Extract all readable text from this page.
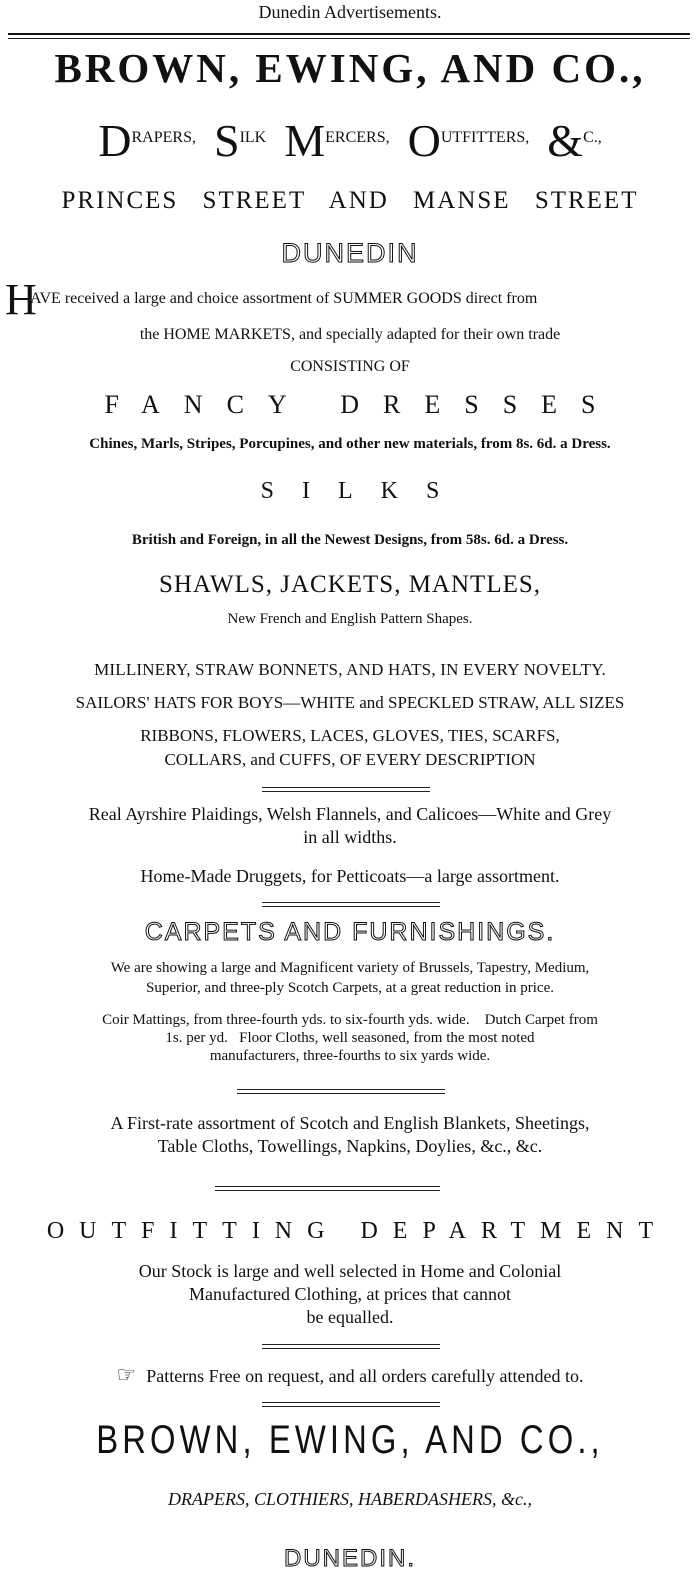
Dunedin Advertisements.
BROWN, EWING, AND CO.,
DRAPERS, SILK MERCERS, OUTFITTERS, &C.,
PRINCES STREET AND MANSE STREET
DUNEDIN
H
AVE received a large and choice assortment of SUMMER GOODS direct from
the HOME MARKETS, and specially adapted for their own trade
CONSISTING OF
FANCY DRESSES
Chines, Marls, Stripes, Porcupines, and other new materials, from 8s. 6d. a Dress.
SILKS
British and Foreign, in all the Newest Designs, from 58s. 6d. a Dress.
SHAWLS, JACKETS, MANTLES,
New French and English Pattern Shapes.
MILLINERY, STRAW BONNETS, AND HATS, IN EVERY NOVELTY.
SAILORS' HATS FOR BOYS—WHITE and SPECKLED STRAW, ALL SIZES
RIBBONS, FLOWERS, LACES, GLOVES, TIES, SCARFS,
COLLARS, and CUFFS, OF EVERY DESCRIPTION
Real Ayrshire Plaidings, Welsh Flannels, and Calicoes—White and Grey
in all widths.
Home-Made Druggets, for Petticoats—a large assortment.
CARPETS AND FURNISHINGS.
We are showing a large and Magnificent variety of Brussels, Tapestry, Medium,
Superior, and three-ply Scotch Carpets, at a great reduction in price.
Coir Mattings, from three-fourth yds. to six-fourth yds. wide.    Dutch Carpet from
1s. per yd.   Floor Cloths, well seasoned, from the most noted
manufacturers, three-fourths to six yards wide.
A First-rate assortment of Scotch and English Blankets, Sheetings,
Table Cloths, Towellings, Napkins, Doylies, &c., &c.
OUTFITTING DEPARTMENT
Our Stock is large and well selected in Home and Colonial
Manufactured Clothing, at prices that cannot
be equalled.
☞ Patterns Free on request, and all orders carefully attended to.
BROWN, EWING, AND CO.,
DRAPERS, CLOTHIERS, HABERDASHERS, &c.,
DUNEDIN.
